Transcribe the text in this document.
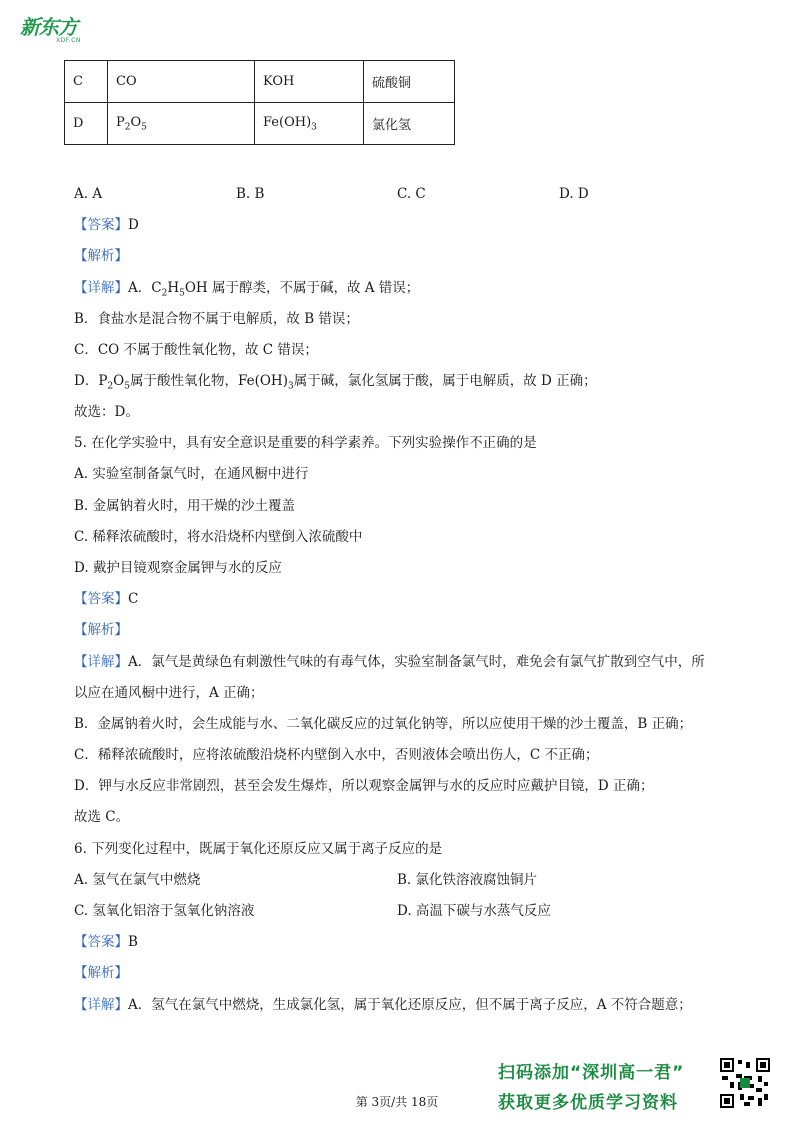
新东方
XDF.CN
C	CO	KOH	硫酸铜
D	$P_2O_5$	$Fe(OH)_3$	氯化氢
A. A	B. B	C. C	D. D
【答案】D
【解析】
【详解】A．$C_2H_5OH$ 属于醇类，不属于碱，故 A 错误；
B．食盐水是混合物不属于电解质，故 B 错误；
C．CO 不属于酸性氧化物，故 C 错误；
D．$P_2O_5$属于酸性氧化物，$Fe(OH)_3$属于碱，氯化氢属于酸，属于电解质，故 D 正确；
故选：D。
5. 在化学实验中，具有安全意识是重要的科学素养。下列实验操作不正确的是
A. 实验室制备氯气时，在通风橱中进行
B. 金属钠着火时，用干燥的沙土覆盖
C. 稀释浓硫酸时，将水沿烧杯内壁倒入浓硫酸中
D. 戴护目镜观察金属钾与水的反应
【答案】C
【解析】
【详解】A．氯气是黄绿色有刺激性气味的有毒气体，实验室制备氯气时，难免会有氯气扩散到空气中，所
以应在通风橱中进行，A 正确；
B．金属钠着火时，会生成能与水、二氧化碳反应的过氧化钠等，所以应使用干燥的沙土覆盖，B 正确；
C．稀释浓硫酸时，应将浓硫酸沿烧杯内壁倒入水中，否则液体会喷出伤人，C 不正确；
D．钾与水反应非常剧烈，甚至会发生爆炸，所以观察金属钾与水的反应时应戴护目镜，D 正确；
故选 C。
6. 下列变化过程中，既属于氧化还原反应又属于离子反应的是
A. 氢气在氯气中燃烧	B. 氯化铁溶液腐蚀铜片
C. 氢氧化铝溶于氢氧化钠溶液	D. 高温下碳与水蒸气反应
【答案】B
【解析】
【详解】A．氢气在氯气中燃烧，生成氯化氢，属于氧化还原反应，但不属于离子反应，A 不符合题意；
扫码添加“深圳高一君”
获取更多优质学习资料
第 3页/共 18页
